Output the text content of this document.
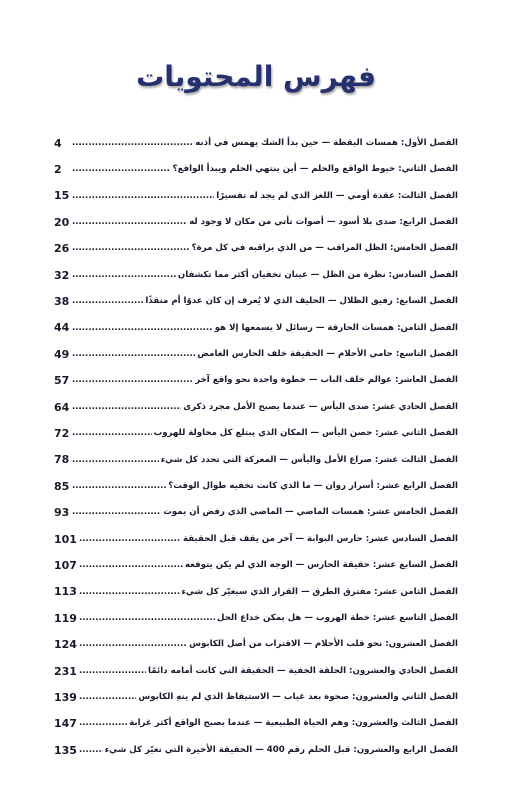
فهرس المحتويات
الفصل الأول: همسات اليقظة — حين بدأ الشك يهمس في أذنه
.....
4
الفصل الثاني: خيوط الواقع والحلم — أين ينتهي الحلم ويبدأ الواقع؟
.....
2
الفصل الثالث: عقدة أومي — اللغز الذي لم يجد له تفسيرًا
.....
15
الفصل الرابع: صدى بلا أسود — أصوات تأتي من مكان لا وجود له
.....
20
الفصل الخامس: الظل المراقب — من الذي يراقبه في كل مرة؟
.....
26
الفصل السادس: نظرة من الظل — عينان تخفيان أكثر مما تكشفان
.....
32
الفصل السابع: رفيق الظلال — الحليف الذي لا يُعرف إن كان عدوًا أم منقذًا
.....
38
الفصل الثامن: همسات الحارقة — رسائل لا يسمعها إلا هو
.....
44
الفصل التاسع: حامي الأحلام — الحقيقة خلف الحارس الغامض
.....
49
الفصل العاشر: عوالم خلف الباب — خطوة واحدة نحو واقع آخر
.....
57
الفصل الحادي عشر: صدى اليأس — عندما يصبح الأمل مجرد ذكرى
.....
64
الفصل الثاني عشر: حصن اليأس — المكان الذي يبتلع كل محاولة للهروب
.....
72
الفصل الثالث عشر: صراع الأمل واليأس — المعركة التي تحدد كل شيء
.....
78
الفصل الرابع عشر: أسرار روان — ما الذي كانت تخفيه طوال الوقت؟
.....
85
الفصل الخامس عشر: همسات الماضي — الماضي الذي رفض أن يموت
.....
93
الفصل السادس عشر: حارس البوابة — آخر من يقف قبل الحقيقة
.....
101
الفصل السابع عشر: حقيقة الحارس — الوجه الذي لم يكن يتوقعه
.....
107
الفصل الثامن عشر: مفترق الطرق — القرار الذي سيغيّر كل شيء
.....
113
الفصل التاسع عشر: خطة الهروب — هل يمكن خداع الحل
.....
119
الفصل العشرون: نحو قلب الأحلام — الاقتراب من أصل الكابوس
.....
124
الفصل الحادي والعشرون: الحلقة الخفية — الحقيقة التي كانت أمامه دائمًا
.....
231
الفصل الثاني والعشرون: صحوة بعد غياب — الاستيقاظ الذي لم ينهِ الكابوس
.....
139
الفصل الثالث والعشرون: وهم الحياة الطبيعية — عندما يصبح الواقع أكثر غرابة
.....
147
الفصل الرابع والعشرون: قبل الحلم رقم 400 — الحقيقة الأخيرة التي تغيّر كل شيء
.....
135
